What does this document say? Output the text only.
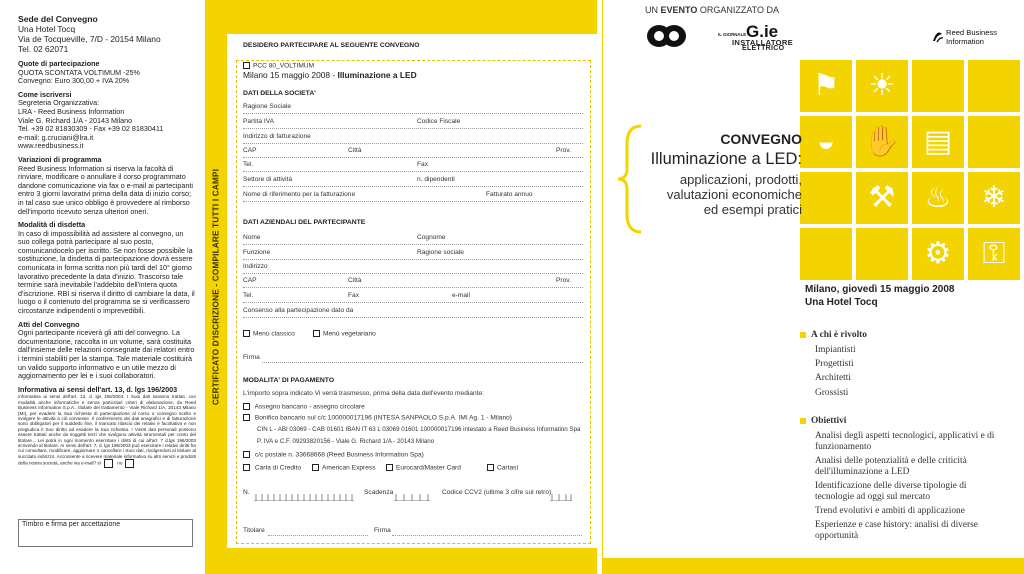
Sede del Convegno
Una Hotel Tocq
Via de Tocqueville, 7/D - 20154 Milano
Tel. 02 62071
Quote di partecipazione
QUOTA SCONTATA VOLTIMUM -25%
Convegno: Euro 300,00 + IVA 20%
Come iscriversi
Segreteria Organizzativa:
LRA - Reed Business Information
Viale G. Richard 1/A - 20143 Milano
Tel. +39 02 81830309 - Fax +39 02 81830411
e-mail: g.cruciani@lra.it
www.reedbusiness.it
Variazioni di programma
Reed Business Information si riserva la facoltà di rinviare, modificare o annullare il corso programmato dandone comunicazione via fax o e-mail ai partecipanti entro 3 giorni lavorativi prima della data di inizio corso; in tal caso sue unico obbligo è provvedere al rimborso dell'importo ricevuto senza ulteriori oneri.
Modalità di disdetta
In caso di impossibilità ad assistere al convegno, un suo collega potrà partecipare al suo posto, comunicandocelo per iscritto. Se non fosse possibile la sostituzione, la disdetta di partecipazione dovrà essere comunicata in forma scritta non più tardi del 10° giorno lavorativo precedente la data d'inizio. Trascorso tale termine sarà inevitabile l'addebito dell'intera quota d'iscrizione. RBI si riserva il diritto di cambiare la data, il luogo o il contenuto del programma se si verificassero circostanze indipendenti o imprevedibili.
Atti del Convegno
Ogni partecipante riceverà gli atti del convegno. La documentazione, raccolta in un volume, sarà costituita dall'insieme delle relazioni consegnate dai relatori entro i termini stabiliti per la stampa. Tale materiale costituirà un valido supporto informativo e un utile mezzo di aggiornamento per lei e i suoi collaboratori.
Informativa ai sensi dell'art. 13, d. lgs 196/2003
Informativa ai sensi dell'art. 13, d. lgs 196/2003. I Suoi dati saranno trattati, con modalità anche informatiche e senza particolari criteri di elaborazione, da Reed Business Information S.p.A., titolare del trattamento - Viale Richard 1/A, 20143 Milano (MI), per evadere la Sua richiesta di partecipazione al corso o convegno scelto e svolgere le attività a ciò connesse. Il conferimento dei dati anagrafici e di fatturazione sono obbligatori per il suddetto fine, il mancato rilascio dei relativi è facoltativo e non pregiudica il Suo diritto ad evadere la Sua richiesta. I Vostri dati personali possono essere trattati anche da soggetti terzi che svolgono attività strumentali per conto del titolare... Lei potrà in ogni momento esercitare i diritti di cui all'art. 7 d.lgs 196/2003 scrivendo al titolare. Ai sensi dell'art. 7, d. lgs 196/2003 può esercitare i relativi diritti fra cui consultare, modificare, aggiornare o cancellare i Suoi dati, rivolgendosi al titolare al succitato indirizzo. Acconsente a ricevere materiale informativo su altri servizi e prodotti della nostra società, anche via e-mail? sì	no
Timbro e firma per accettazione
CERTIFICATO D'ISCRIZIONE - COMPILARE TUTTI I CAMPI
DESIDERO PARTECIPARE AL SEGUENTE CONVEGNO
PCC 80_VOLTIMUM
Milano 15 maggio 2008 - Illuminazione a LED
DATI DELLA SOCIETA'
Ragione Sociale
Partita IVA	Codice Fiscale
Indirizzo di fatturazione
CAP	Città	Prov.
Tel.	Fax
Settore di attività	n. dipendenti
Nome di riferimento per la fatturazione	Fatturato annuo
DATI AZIENDALI DEL PARTECIPANTE
Nome	Cognome
Funzione	Ragione sociale
Indirizzo
CAP	Città	Prov.
Tel.	Fax	e-mail
Consenso alla partecipazione dato da
Menù classico	Menù vegetariano
Firma
MODALITA' DI PAGAMENTO
L'importo sopra indicato Vi verrà trasmesso, prima della data dell'evento mediante:
Assegno bancario - assegno circolare
Bonifico bancario sul c/c 100000017196 (INTESA SANPAOLO S.p.A. IMI Ag. 1 - Milano)
CIN L - ABI 03069 - CAB 01601 IBAN IT 63 L 03069 01601 100000017196 intestato a Reed Business Information Spa
P. IVA e C.F. 09293820156 - Viale G. Richard 1/A - 20143 Milano
c/c postale n. 33668668 (Reed Business Information Spa)
Carta di Credito	American Express	Eurocard/Master Card	Cartasì
N.	Scadenza	Codice CCV2 (ultime 3 cifre sul retro)
Titolare	Firma
UN EVENTO ORGANIZZATO DA
IL GIORNALE G.ie
INSTALLATORE
ELETTRICO
Reed Business
Information
⚑ ☀
◒ ✋ ▤
⚒ ♨ ❄
⚙	⚿
CONVEGNO
Illuminazione a LED:
applicazioni, prodotti,
valutazioni economiche
ed esempi pratici
Milano, giovedì 15 maggio 2008
Una Hotel Tocq
A chi è rivolto
Impiantisti
Progettisti
Architetti
Grossisti
Obiettivi
Analisi degli aspetti tecnologici, applicativi e di funzionamento
Analisi delle potenzialità e delle criticità dell'illuminazione a LED
Identificazione delle diverse tipologie di tecnologie ad oggi sul mercato
Trend evolutivi e ambiti di applicazione
Esperienze e case history: analisi di diverse opportunità
